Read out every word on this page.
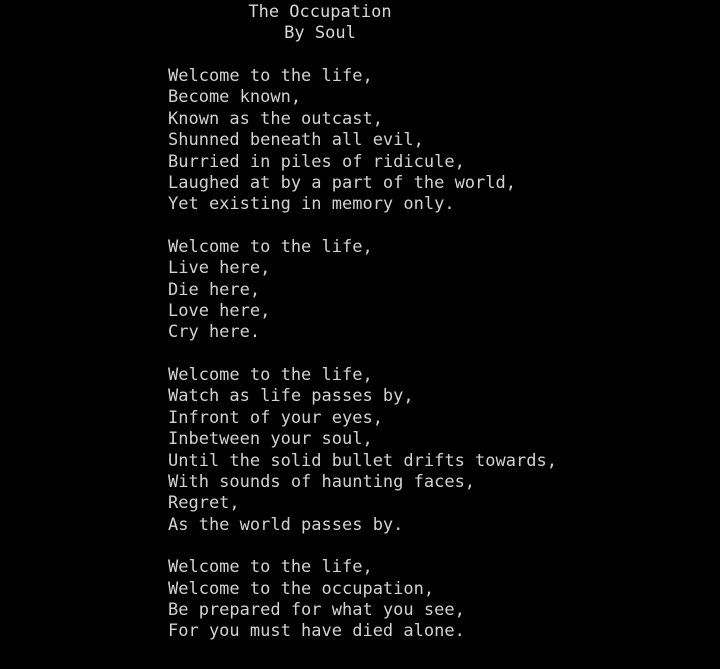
The Occupation
By Soul
Welcome to the life,
Become known,
Known as the outcast,
Shunned beneath all evil,
Burried in piles of ridicule,
Laughed at by a part of the world,
Yet existing in memory only.
Welcome to the life,
Live here,
Die here,
Love here,
Cry here.
Welcome to the life,
Watch as life passes by,
Infront of your eyes,
Inbetween your soul,
Until the solid bullet drifts towards,
With sounds of haunting faces,
Regret,
As the world passes by.
Welcome to the life,
Welcome to the occupation,
Be prepared for what you see,
For you must have died alone.
